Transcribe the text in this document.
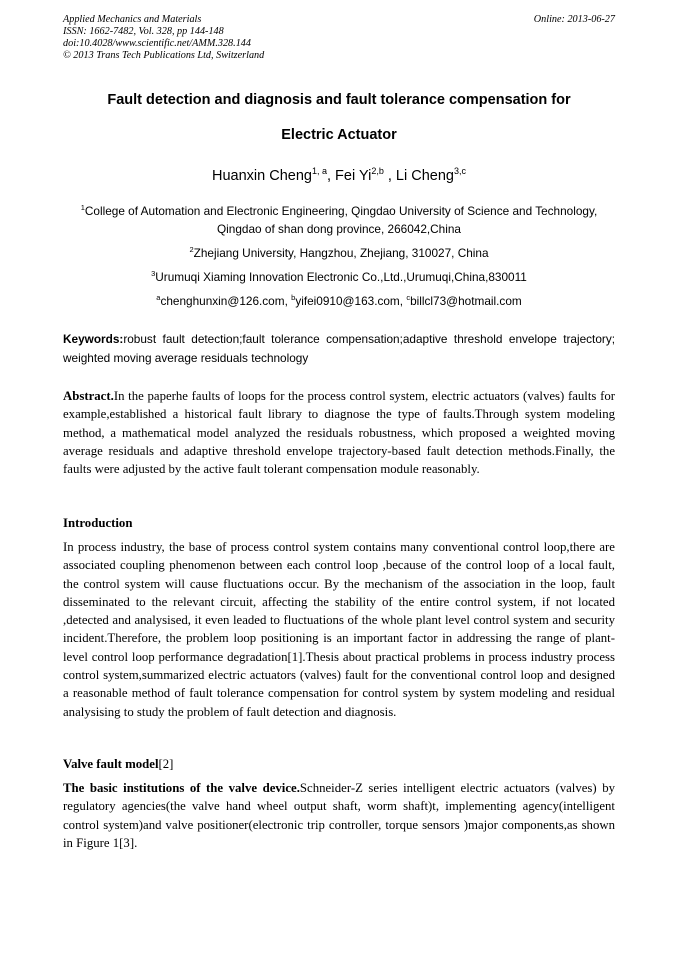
Applied Mechanics and Materials
ISSN: 1662-7482, Vol. 328, pp 144-148
doi:10.4028/www.scientific.net/AMM.328.144
© 2013 Trans Tech Publications Ltd, Switzerland
Online: 2013-06-27
Fault detection and diagnosis and fault tolerance compensation for
Electric Actuator
Huanxin Cheng$^{1, a}$, Fei Yi$^{2,b}$ , Li Cheng$^{3,c}$
$^1$College of Automation and Electronic Engineering, Qingdao University of Science and Technology, Qingdao of shan dong province, 266042,China
$^2$Zhejiang University, Hangzhou, Zhejiang, 310027, China
$^3$Urumuqi Xiaming Innovation Electronic Co.,Ltd.,Urumuqi,China,830011
$^a$chenghunxin@126.com, $^b$yifei0910@163.com, $^c$billcl73@hotmail.com
Keywords:robust fault detection;fault tolerance compensation;adaptive threshold envelope trajectory; weighted moving average residuals technology
Abstract.In the paperhe faults of loops for the process control system, electric actuators (valves) faults for example,established a historical fault library to diagnose the type of faults.Through system modeling method, a mathematical model analyzed the residuals robustness, which proposed a weighted moving average residuals and adaptive threshold envelope trajectory-based fault detection methods.Finally, the faults were adjusted by the active fault tolerant compensation module reasonably.
Introduction
In process industry, the base of process control system contains many conventional control loop,there are associated coupling phenomenon between each control loop ,because of the control loop of a local fault, the control system will cause fluctuations occur. By the mechanism of the association in the loop, fault disseminated to the relevant circuit, affecting the stability of the entire control system, if not located ,detected and analysised, it even leaded to fluctuations of the whole plant level control system and security incident.Therefore, the problem loop positioning is an important factor in addressing the range of plant-level control loop performance degradation[1].Thesis about practical problems in process industry process control system,summarized electric actuators (valves) fault for the conventional control loop and designed a reasonable method of fault tolerance compensation for control system by system modeling and residual analysising to study the problem of fault detection and diagnosis.
Valve fault model[2]
The basic institutions of the valve device.Schneider-Z series intelligent electric actuators (valves) by regulatory agencies(the valve hand wheel output shaft, worm shaft)t, implementing agency(intelligent control system)and valve positioner(electronic trip controller, torque sensors )major components,as shown in Figure 1[3].
